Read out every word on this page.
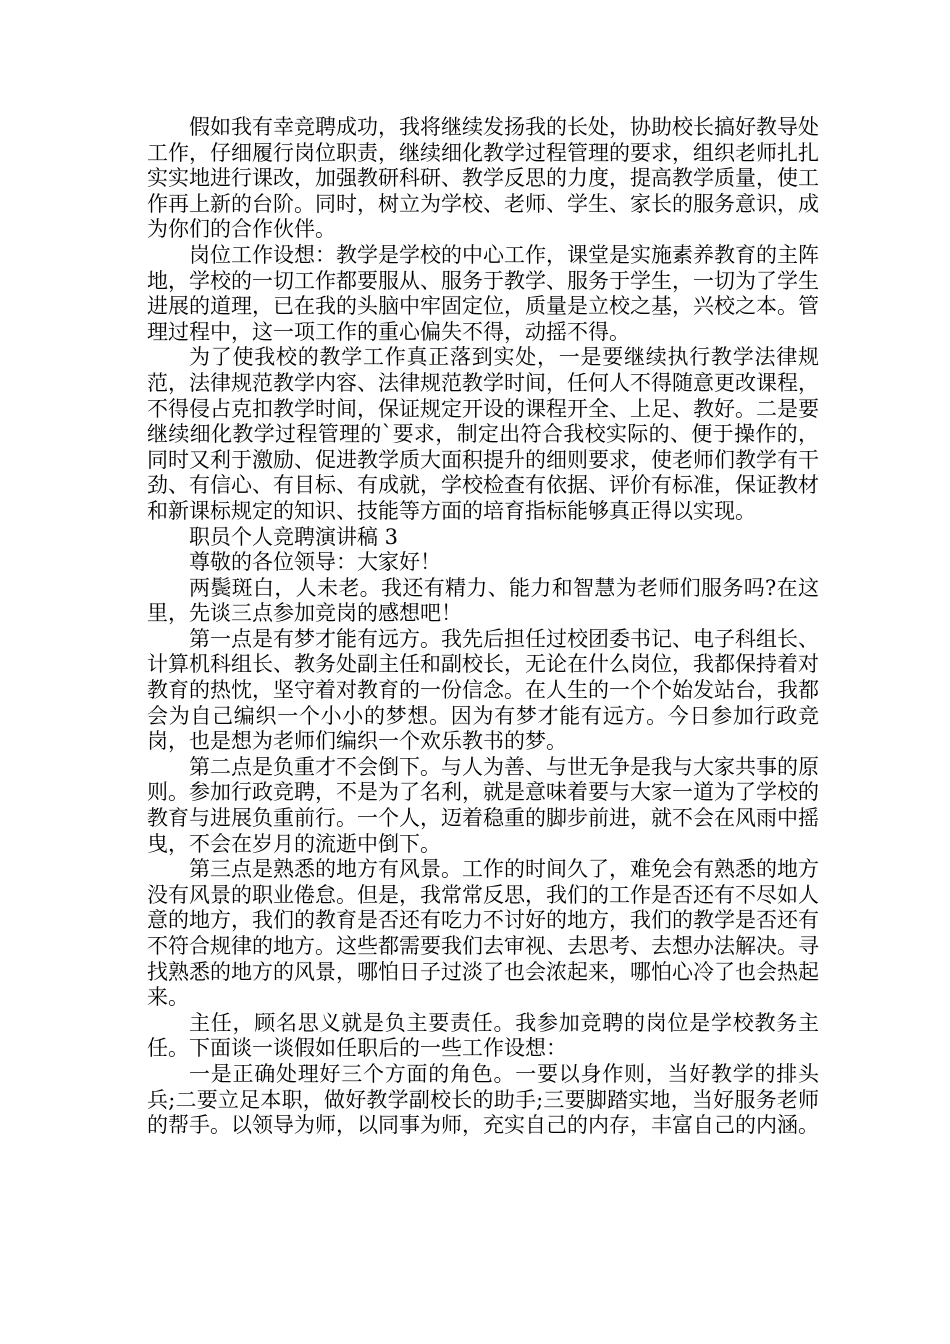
假如我有幸竞聘成功，我将继续发扬我的长处，协助校长搞好教导处工作，仔细履行岗位职责，继续细化教学过程管理的要求，组织老师扎扎实实地进行课改，加强教研科研、教学反思的力度，提高教学质量，使工作再上新的台阶。同时，树立为学校、老师、学生、家长的服务意识，成为你们的合作伙伴。

岗位工作设想：教学是学校的中心工作，课堂是实施素养教育的主阵地，学校的一切工作都要服从、服务于教学、服务于学生，一切为了学生进展的道理，已在我的头脑中牢固定位，质量是立校之基，兴校之本。管理过程中，这一项工作的重心偏失不得，动摇不得。

为了使我校的教学工作真正落到实处，一是要继续执行教学法律规范，法律规范教学内容、法律规范教学时间，任何人不得随意更改课程，不得侵占克扣教学时间，保证规定开设的课程开全、上足、教好。二是要继续细化教学过程管理的`要求，制定出符合我校实际的、便于操作的，同时又利于激励、促进教学质大面积提升的细则要求，使老师们教学有干劲、有信心、有目标、有成就，学校检查有依据、评价有标准，保证教材和新课标规定的知识、技能等方面的培育指标能够真正得以实现。

职员个人竞聘演讲稿 3

尊敬的各位领导：大家好！

两鬓斑白，人未老。我还有精力、能力和智慧为老师们服务吗?在这里，先谈三点参加竞岗的感想吧！

第一点是有梦才能有远方。我先后担任过校团委书记、电子科组长、计算机科组长、教务处副主任和副校长，无论在什么岗位，我都保持着对教育的热忱，坚守着对教育的一份信念。在人生的一个个始发站台，我都会为自己编织一个小小的梦想。因为有梦才能有远方。今日参加行政竞岗，也是想为老师们编织一个欢乐教书的梦。

第二点是负重才不会倒下。与人为善、与世无争是我与大家共事的原则。参加行政竞聘，不是为了名利，就是意味着要与大家一道为了学校的教育与进展负重前行。一个人，迈着稳重的脚步前进，就不会在风雨中摇曳，不会在岁月的流逝中倒下。

第三点是熟悉的地方有风景。工作的时间久了，难免会有熟悉的地方没有风景的职业倦怠。但是，我常常反思，我们的工作是否还有不尽如人意的地方，我们的教育是否还有吃力不讨好的地方，我们的教学是否还有不符合规律的地方。这些都需要我们去审视、去思考、去想办法解决。寻找熟悉的地方的风景，哪怕日子过淡了也会浓起来，哪怕心冷了也会热起来。

主任，顾名思义就是负主要责任。我参加竞聘的岗位是学校教务主任。下面谈一谈假如任职后的一些工作设想：

一是正确处理好三个方面的角色。一要以身作则，当好教学的排头兵;二要立足本职，做好教学副校长的助手;三要脚踏实地，当好服务老师的帮手。以领导为师，以同事为师，充实自己的内存，丰富自己的内涵。
